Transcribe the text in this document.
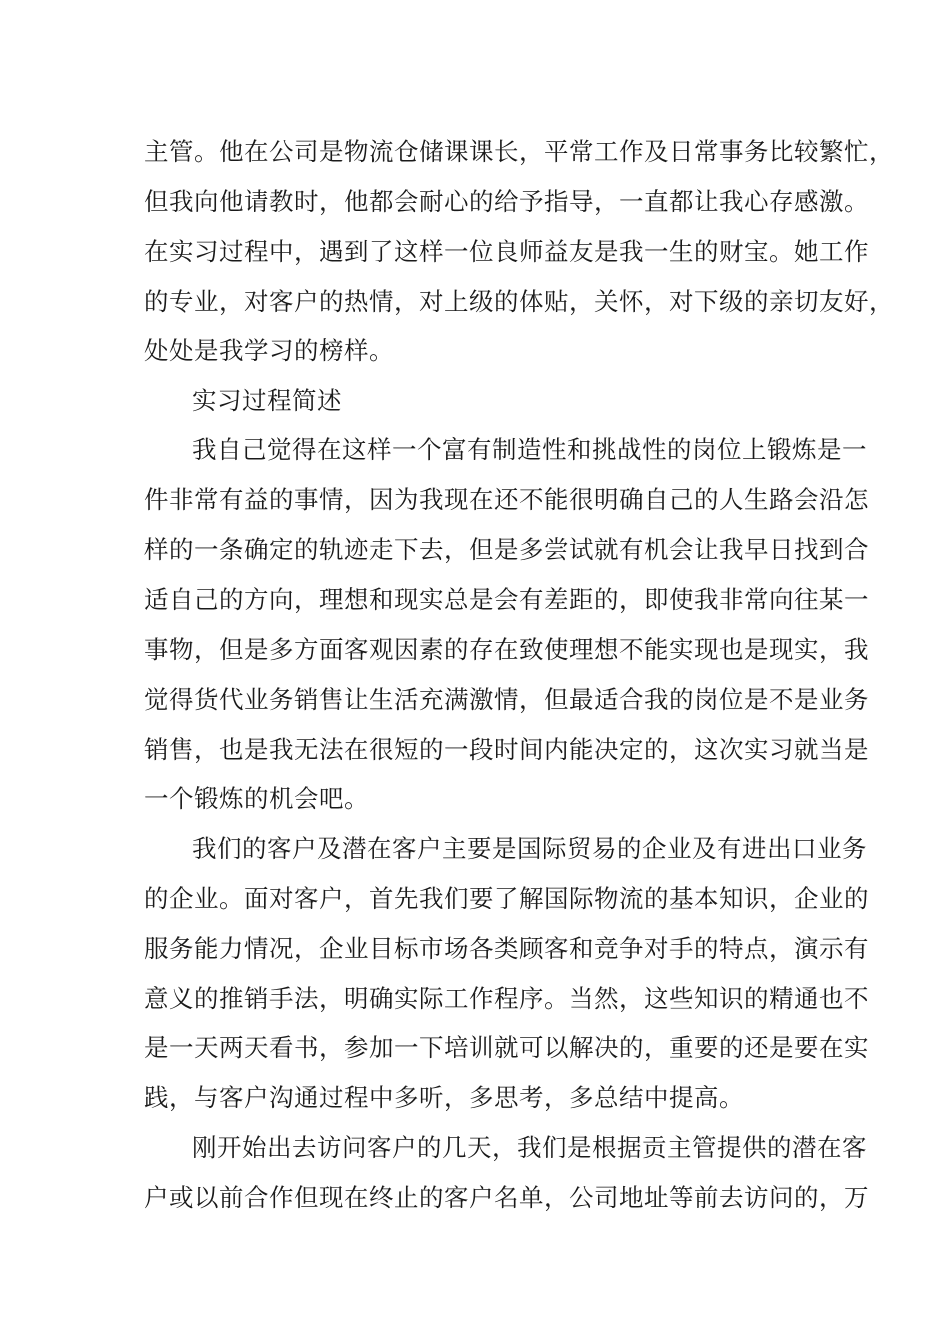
主管。他在公司是物流仓储课课长，平常工作及日常事务比较繁忙，
但我向他请教时，他都会耐心的给予指导，一直都让我心存感激。
在实习过程中，遇到了这样一位良师益友是我一生的财宝。她工作
的专业，对客户的热情，对上级的体贴，关怀，对下级的亲切友好，
处处是我学习的榜样。
实习过程简述
我自己觉得在这样一个富有制造性和挑战性的岗位上锻炼是一
件非常有益的事情，因为我现在还不能很明确自己的人生路会沿怎
样的一条确定的轨迹走下去，但是多尝试就有机会让我早日找到合
适自己的方向，理想和现实总是会有差距的，即使我非常向往某一
事物，但是多方面客观因素的存在致使理想不能实现也是现实，我
觉得货代业务销售让生活充满激情，但最适合我的岗位是不是业务
销售，也是我无法在很短的一段时间内能决定的，这次实习就当是
一个锻炼的机会吧。
我们的客户及潜在客户主要是国际贸易的企业及有进出口业务
的企业。面对客户，首先我们要了解国际物流的基本知识，企业的
服务能力情况，企业目标市场各类顾客和竞争对手的特点，演示有
意义的推销手法，明确实际工作程序。当然，这些知识的精通也不
是一天两天看书，参加一下培训就可以解决的，重要的还是要在实
践，与客户沟通过程中多听，多思考，多总结中提高。
刚开始出去访问客户的几天，我们是根据贡主管提供的潜在客
户或以前合作但现在终止的客户名单，公司地址等前去访问的，万
